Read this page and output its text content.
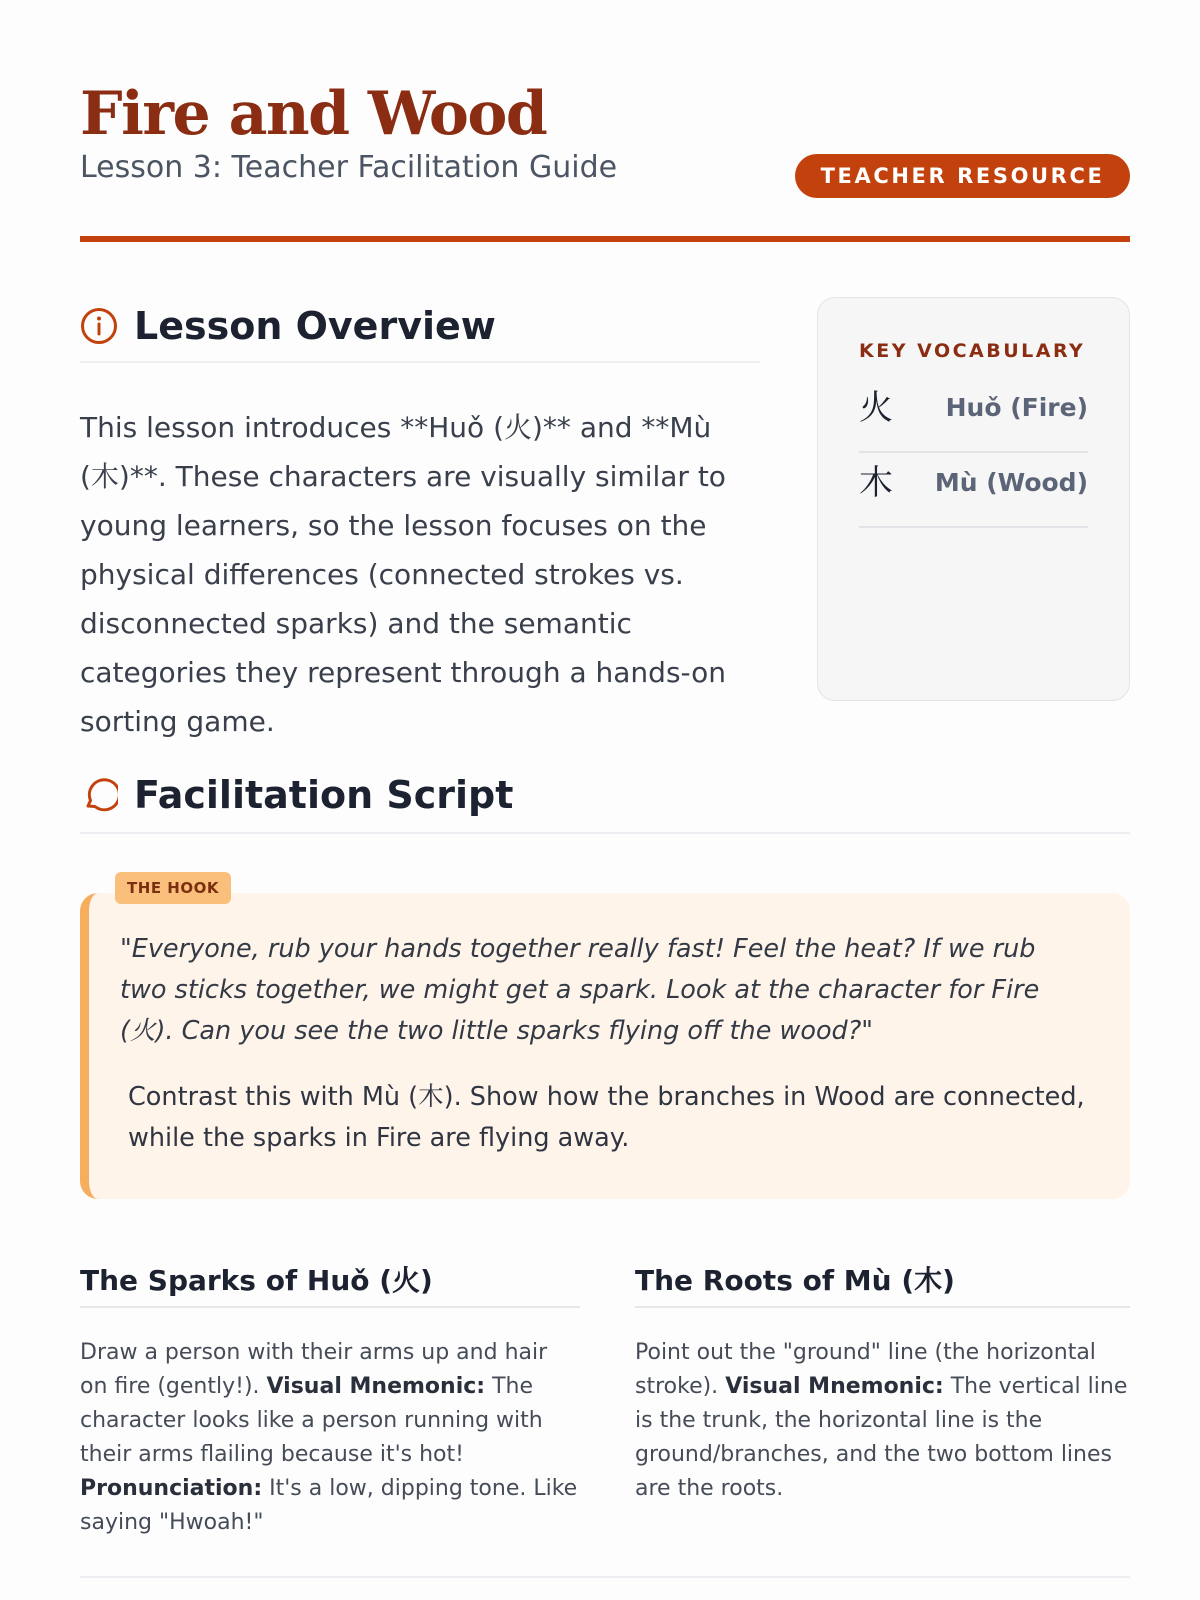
Fire and Wood
Lesson 3: Teacher Facilitation Guide	TEACHER RESOURCE
Lesson Overview

This lesson introduces **Huǒ (火)** and **Mù (木)**. These characters are visually similar to young learners, so the lesson focuses on the physical differences (connected strokes vs. disconnected sparks) and the semantic categories they represent through a hands-on sorting game.

KEY VOCABULARY
火 Huǒ (Fire)
木 Mù (Wood)
Facilitation Script
THE HOOK

"Everyone, rub your hands together really fast! Feel the heat? If we rub two sticks together, we might get a spark. Look at the character for Fire (火). Can you see the two little sparks flying off the wood?"

Contrast this with Mù (木). Show how the branches in Wood are connected, while the sparks in Fire are flying away.

The Sparks of Huǒ (火)

Draw a person with their arms up and hair on fire (gently!). Visual Mnemonic: The character looks like a person running with their arms flailing because it's hot! Pronunciation: It's a low, dipping tone. Like saying "Hwoah!"

The Roots of Mù (木)

Point out the "ground" line (the horizontal stroke). Visual Mnemonic: The vertical line is the trunk, the horizontal line is the ground/branches, and the two bottom lines are the roots.
